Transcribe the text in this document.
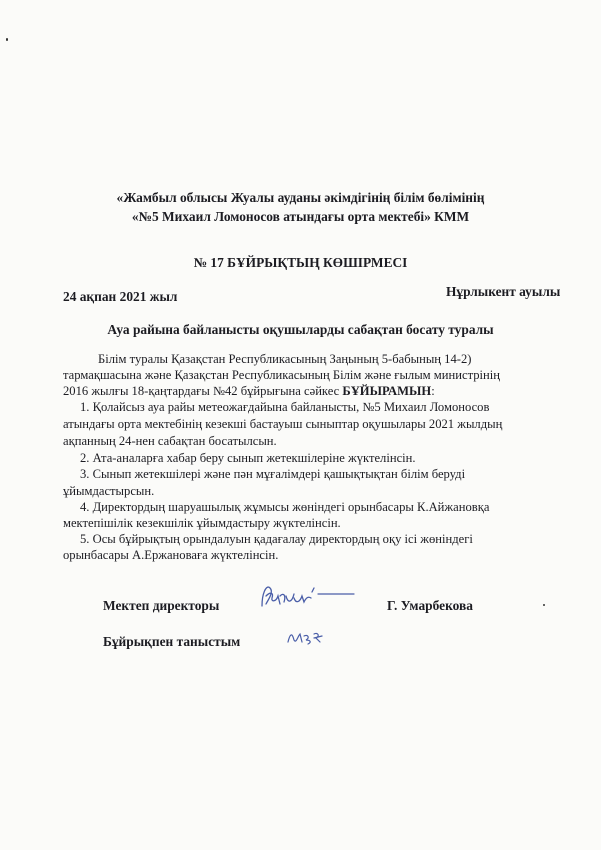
«Жамбыл облысы Жуалы ауданы әкімдігінің білім бөлімінің
«№5 Михаил Ломоносов атындағы орта мектебі» КММ
№ 17 БҰЙРЫҚТЫҢ КӨШІРМЕСІ
24 ақпан 2021 жыл	Нұрлыкент ауылы
Ауа райына байланысты оқушыларды сабақтан босату туралы
Білім туралы Қазақстан Республикасының Заңының 5-бабының 14-2)
тармақшасына және Қазақстан Республикасының Білім және ғылым министрінің
2016 жылғы 18-қаңтардағы №42 бұйрығына сәйкес БҰЙЫРАМЫН:
1. Қолайсыз ауа райы метеожағдайына байланысты, №5 Михаил Ломоносов
атындағы орта мектебінің кезекші бастауыш сыныптар оқушылары 2021 жылдың
ақпанның 24-нен сабақтан босатылсын.
2. Ата-аналарға хабар беру сынып жетекшілеріне жүктелінсін.
3. Сынып жетекшілері және пән мұғалімдері қашықтықтан білім беруді
ұйымдастырсын.
4. Директордың шаруашылық жұмысы жөніндегі орынбасары К.Айжановқа
мектепішілік кезекшілік ұйымдастыру жүктелінсін.
5. Осы бұйрықтың орындалуын қадағалау директордың оқу ісі жөніндегі
орынбасары А.Ержановаға жүктелінсін.
Мектеп директоры	Г. Умарбекова
Бұйрықпен таныстым
